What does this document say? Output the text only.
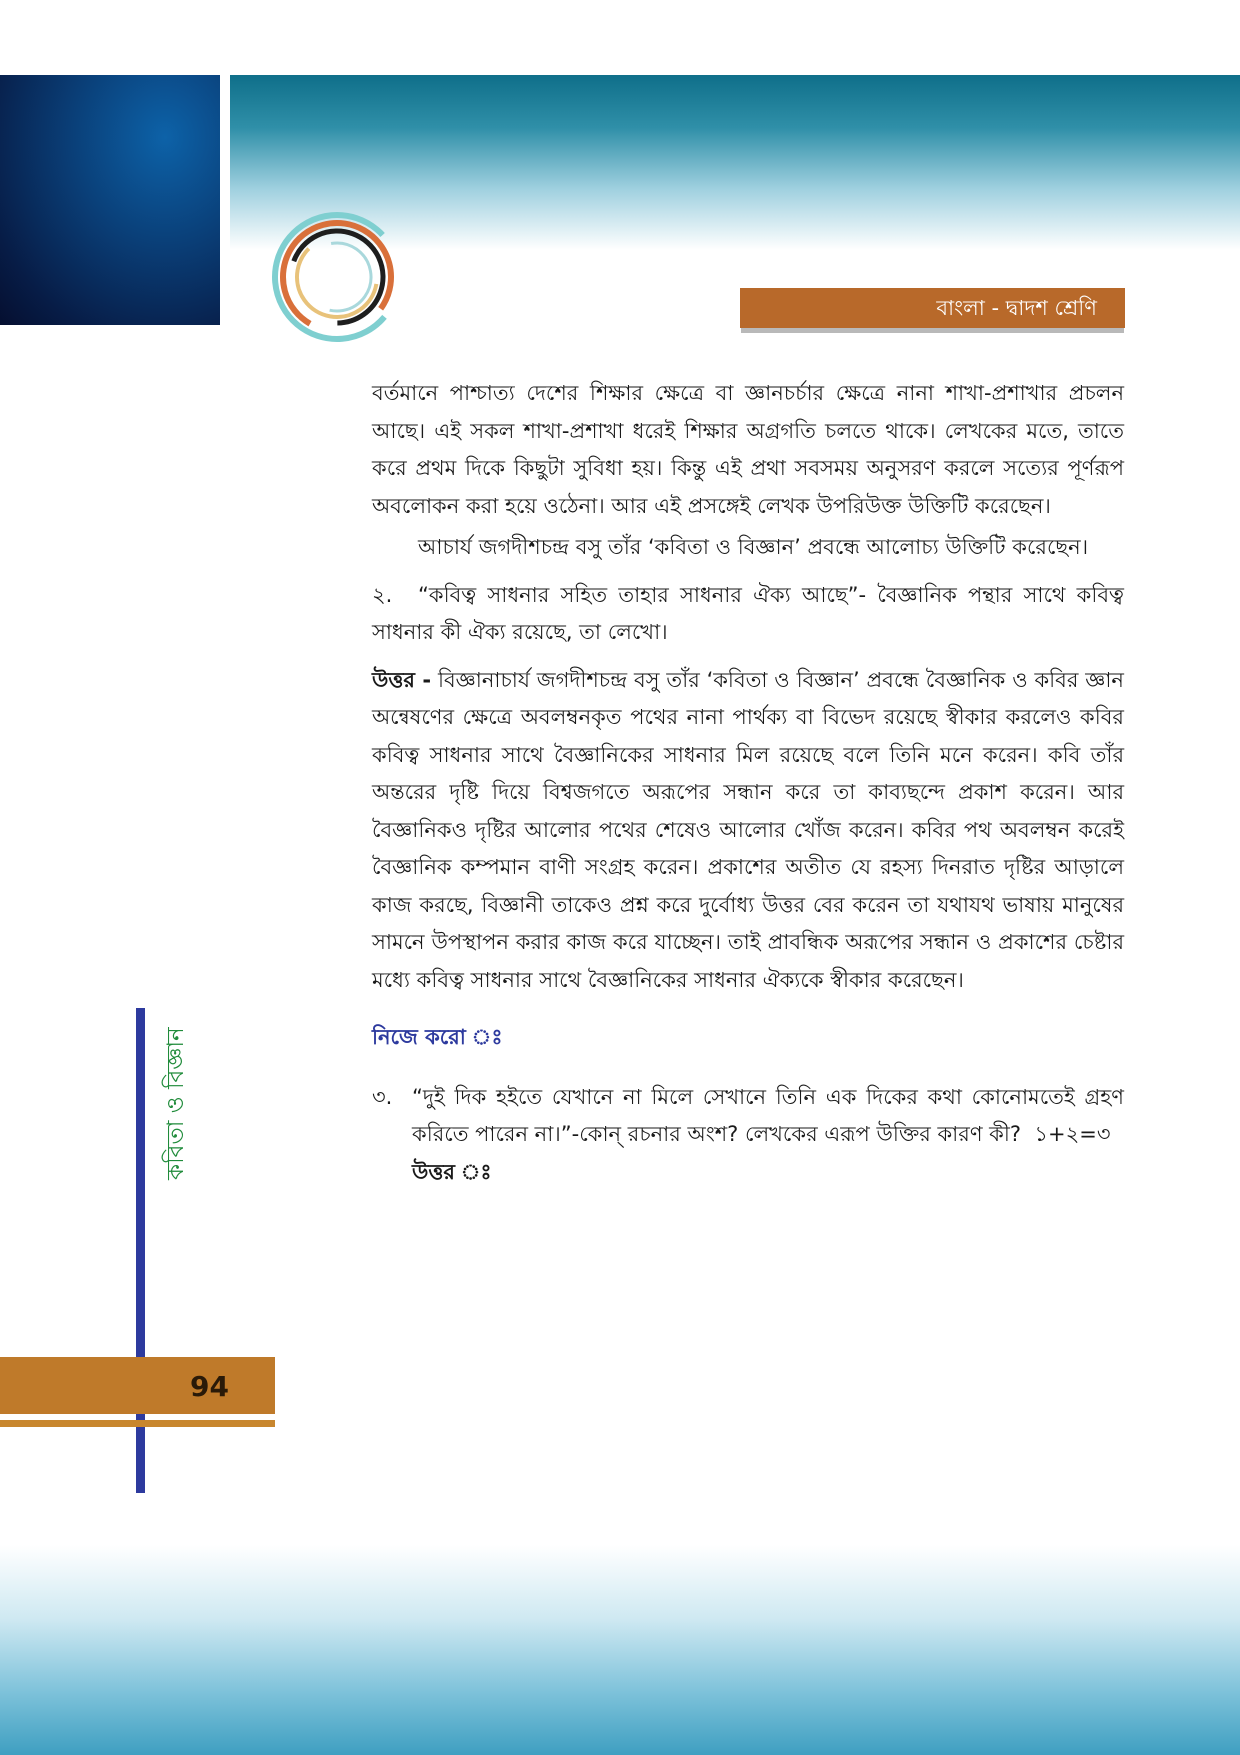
বাংলা - দ্বাদশ শ্রেণি
কবিতা ও বিজ্ঞান
94

বর্তমানে পাশ্চাত্য দেশের শিক্ষার ক্ষেত্রে বা জ্ঞানচর্চার ক্ষেত্রে নানা শাখা-প্রশাখার প্রচলন আছে। এই সকল শাখা-প্রশাখা ধরেই শিক্ষার অগ্রগতি চলতে থাকে। লেখকের মতে, তাতে করে প্রথম দিকে কিছুটা সুবিধা হয়। কিন্তু এই প্রথা সবসময় অনুসরণ করলে সত্যের পূর্ণরূপ অবলোকন করা হয়ে ওঠেনা। আর এই প্রসঙ্গেই লেখক উপরিউক্ত উক্তিটি করেছেন।

আচার্য জগদীশচন্দ্র বসু তাঁর ‘কবিতা ও বিজ্ঞান’ প্রবন্ধে আলোচ্য উক্তিটি করেছেন।

২. “কবিত্ব সাধনার সহিত তাহার সাধনার ঐক্য আছে”- বৈজ্ঞানিক পন্থার সাথে কবিত্ব সাধনার কী ঐক্য রয়েছে, তা লেখো।

উত্তর - বিজ্ঞানাচার্য জগদীশচন্দ্র বসু তাঁর ‘কবিতা ও বিজ্ঞান’ প্রবন্ধে বৈজ্ঞানিক ও কবির জ্ঞান অন্বেষণের ক্ষেত্রে অবলম্বনকৃত পথের নানা পার্থক্য বা বিভেদ রয়েছে স্বীকার করলেও কবির কবিত্ব সাধনার সাথে বৈজ্ঞানিকের সাধনার মিল রয়েছে বলে তিনি মনে করেন। কবি তাঁর অন্তরের দৃষ্টি দিয়ে বিশ্বজগতে অরূপের সন্ধান করে তা কাব্যছন্দে প্রকাশ করেন। আর বৈজ্ঞানিকও দৃষ্টির আলোর পথের শেষেও আলোর খোঁজ করেন। কবির পথ অবলম্বন করেই বৈজ্ঞানিক কম্পমান বাণী সংগ্রহ করেন। প্রকাশের অতীত যে রহস্য দিনরাত দৃষ্টির আড়ালে কাজ করছে, বিজ্ঞানী তাকেও প্রশ্ন করে দুর্বোধ্য উত্তর বের করেন তা যথাযথ ভাষায় মানুষের সামনে উপস্থাপন করার কাজ করে যাচ্ছেন। তাই প্রাবন্ধিক অরূপের সন্ধান ও প্রকাশের চেষ্টার মধ্যে কবিত্ব সাধনার সাথে বৈজ্ঞানিকের সাধনার ঐক্যকে স্বীকার করেছেন।

নিজে করো ঃ

৩. “দুই দিক হইতে যেখানে না মিলে সেখানে তিনি এক দিকের কথা কোনোমতেই গ্রহণ করিতে পারেন না।”-কোন্ রচনার অংশ? লেখকের এরূপ উক্তির কারণ কী? ১+২=৩

উত্তর ঃ
